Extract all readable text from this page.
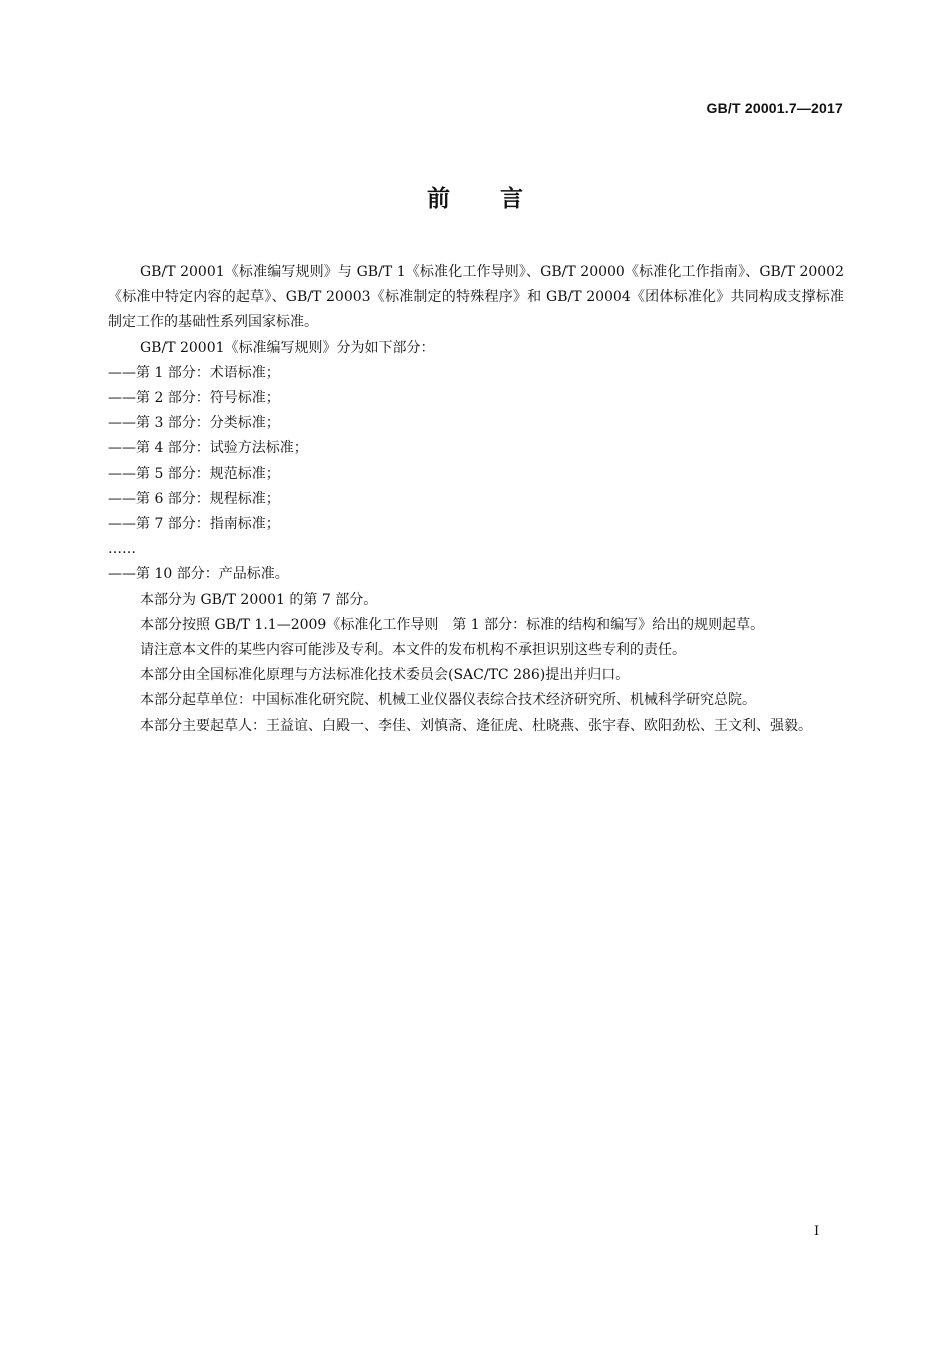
GB/T 20001.7—2017
前言

GB/T 20001《标准编写规则》与 GB/T 1《标准化工作导则》、GB/T 20000《标准化工作指南》、GB/T 20002《标准中特定内容的起草》、GB/T 20003《标准制定的特殊程序》和 GB/T 20004《团体标准化》共同构成支撑标准制定工作的基础性系列国家标准。

GB/T 20001《标准编写规则》分为如下部分：

——第 1 部分：术语标准；

——第 2 部分：符号标准；

——第 3 部分：分类标准；

——第 4 部分：试验方法标准；

——第 5 部分：规范标准；

——第 6 部分：规程标准；

——第 7 部分：指南标准；

……

——第 10 部分：产品标准。

本部分为 GB/T 20001 的第 7 部分。

本部分按照 GB/T 1.1—2009《标准化工作导则　第 1 部分：标准的结构和编写》给出的规则起草。

请注意本文件的某些内容可能涉及专利。本文件的发布机构不承担识别这些专利的责任。

本部分由全国标准化原理与方法标准化技术委员会(SAC/TC 286)提出并归口。

本部分起草单位：中国标准化研究院、机械工业仪器仪表综合技术经济研究所、机械科学研究总院。

本部分主要起草人：王益谊、白殿一、李佳、刘慎斋、逄征虎、杜晓燕、张宇春、欧阳劲松、王文利、强毅。

I
